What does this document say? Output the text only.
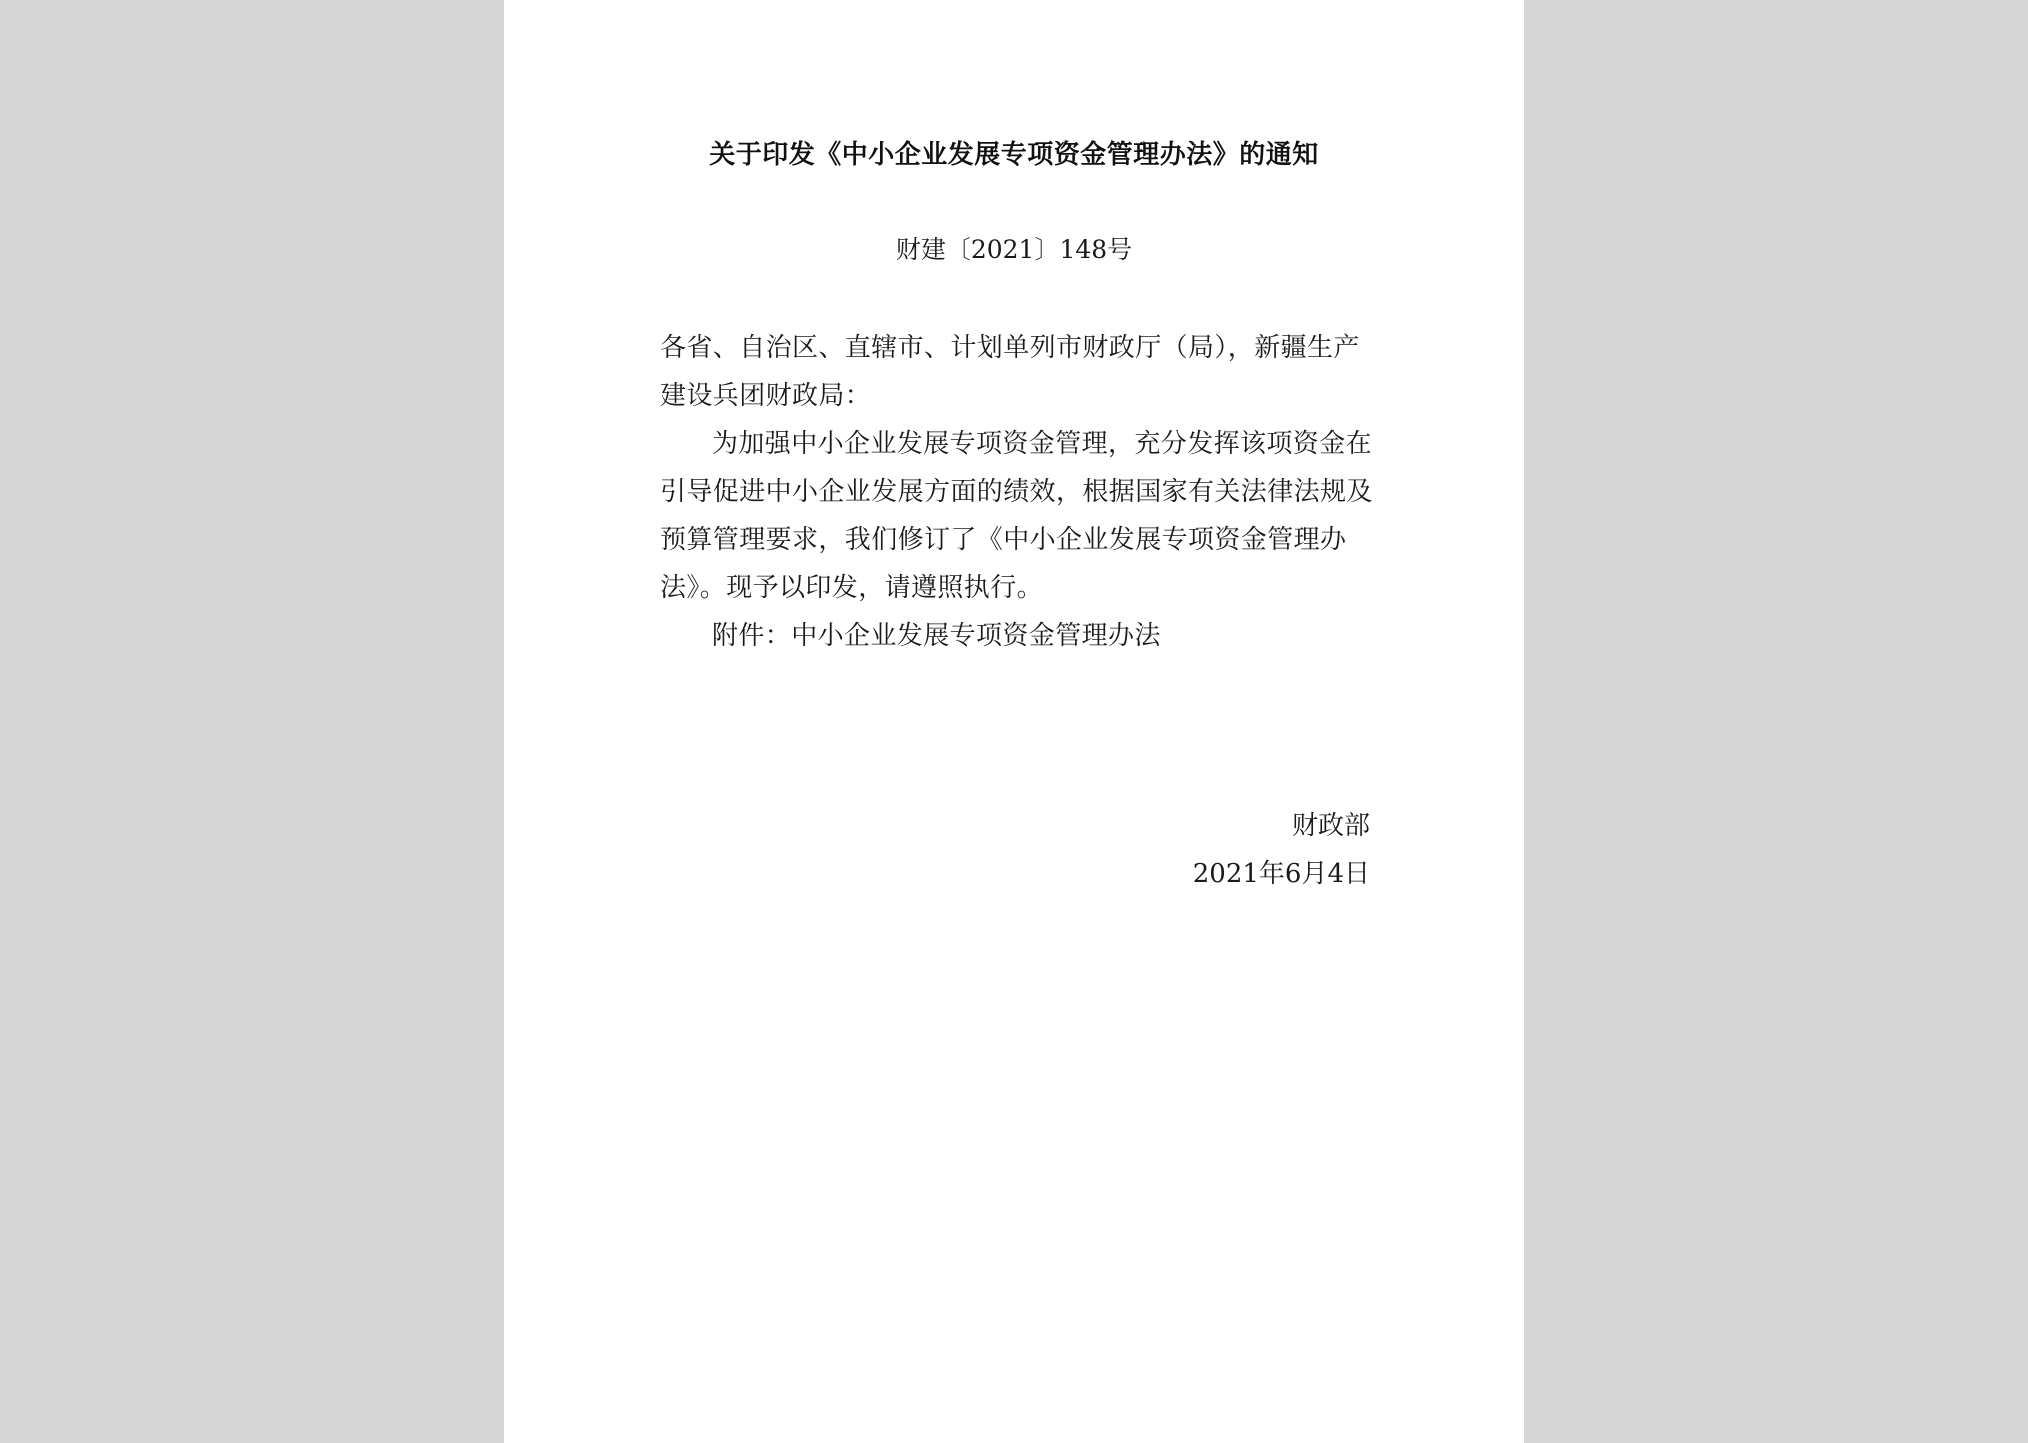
关于印发《中小企业发展专项资金管理办法》的通知
财建〔2021〕148号

各省、自治区、直辖市、计划单列市财政厅（局），新疆生产建设兵团财政局：

为加强中小企业发展专项资金管理，充分发挥该项资金在引导促进中小企业发展方面的绩效，根据国家有关法律法规及预算管理要求，我们修订了《中小企业发展专项资金管理办法》。现予以印发，请遵照执行。

附件：中小企业发展专项资金管理办法

财政部
2021年6月4日
